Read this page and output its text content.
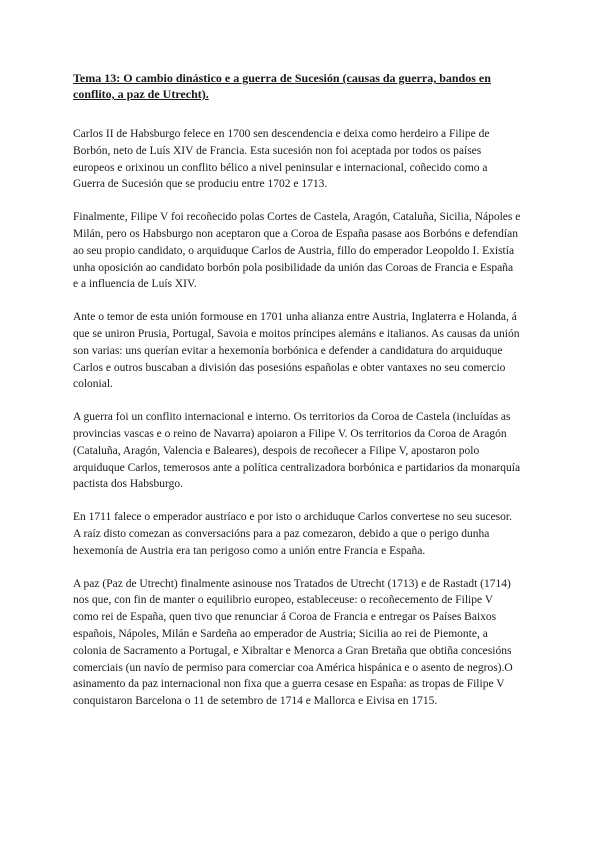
Tema 13: O cambio dinástico e a guerra de Sucesión (causas da guerra, bandos en conflito, a paz de Utrecht).

Carlos II de Habsburgo felece en 1700 sen descendencia e deixa como herdeiro a Filipe de Borbón, neto de Luís XIV de Francia. Esta sucesión non foi aceptada por todos os países europeos e orixinou un conflito bélico a nivel peninsular e internacional, coñecido como a Guerra de Sucesión que se produciu entre 1702 e 1713.

Finalmente, Filipe V foi recoñecido polas Cortes de Castela, Aragón, Cataluña, Sicilia, Nápoles e Milán, pero os Habsburgo non aceptaron que a Coroa de España pasase aos Borbóns e defendían ao seu propio candidato, o arquiduque Carlos de Austria, fillo do emperador Leopoldo I. Existía unha oposición ao candidato borbón pola posibilidade da unión das Coroas de Francia e España e a influencia de Luís XIV.

Ante o temor de esta unión formouse en 1701 unha alianza entre Austria, Inglaterra e Holanda, á que se uniron Prusia, Portugal, Savoia e moitos príncipes alemáns e italianos. As causas da unión son varias: uns querían evitar a hexemonía borbónica e defender a candidatura do arquiduque Carlos e outros buscaban a división das posesións españolas e obter vantaxes no seu comercio colonial.

A guerra foi un conflito internacional e interno. Os territorios da Coroa de Castela (incluídas as provincias vascas e o reino de Navarra) apoiaron a Filipe V. Os territorios da Coroa de Aragón (Cataluña, Aragón, Valencia e Baleares), despois de recoñecer a Filipe V, apostaron polo arquiduque Carlos, temerosos ante a política centralizadora borbónica e partidarios da monarquía pactista dos Habsburgo.

En 1711 falece o emperador austríaco e por isto o archiduque Carlos convertese no seu sucesor. A raíz disto comezan as conversacións para a paz comezaron, debido a que o perigo dunha hexemonía de Austria era tan perigoso como a unión entre Francia e España.

A paz (Paz de Utrecht) finalmente asinouse nos Tratados de Utrecht (1713) e de Rastadt (1714) nos que, con fin de manter o equilibrio europeo, estableceuse: o recoñecemento de Filipe V como rei de España, quen tivo que renunciar á Coroa de Francia e entregar os Países Baixos españois, Nápoles, Milán e Sardeña ao emperador de Austria; Sicilia ao rei de Piemonte, a colonia de Sacramento a Portugal, e Xibraltar e Menorca a Gran Bretaña que obtiña concesións comerciais (un navío de permiso para comerciar coa América hispánica e o asento de negros).O asinamento da paz internacional non fixa que a guerra cesase en España: as tropas de Filipe V conquistaron Barcelona o 11 de setembro de 1714 e Mallorca e Eivisa en 1715.
